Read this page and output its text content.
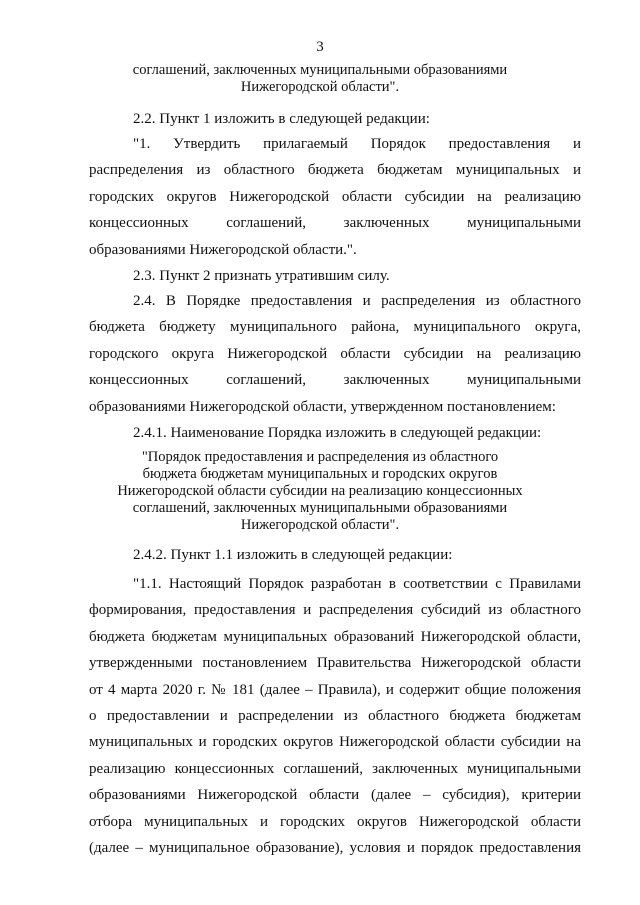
3
соглашений, заключенных муниципальными образованиями
Нижегородской области".
2.2. Пункт 1 изложить в следующей редакции:
"1. Утвердить прилагаемый Порядок предоставления и
распределения из областного бюджета бюджетам муниципальных и
городских округов Нижегородской области субсидии на реализацию
концессионных соглашений, заключенных муниципальными
образованиями Нижегородской области.".
2.3. Пункт 2 признать утратившим силу.
2.4. В Порядке предоставления и распределения из областного
бюджета бюджету муниципального района, муниципального округа,
городского округа Нижегородской области субсидии на реализацию
концессионных соглашений, заключенных муниципальными
образованиями Нижегородской области, утвержденном постановлением:
2.4.1. Наименование Порядка изложить в следующей редакции:
"Порядок предоставления и распределения из областного
бюджета бюджетам муниципальных и городских округов
Нижегородской области субсидии на реализацию концессионных
соглашений, заключенных муниципальными образованиями
Нижегородской области".
2.4.2. Пункт 1.1 изложить в следующей редакции:
"1.1. Настоящий Порядок разработан в соответствии с Правилами
формирования, предоставления и распределения субсидий из областного
бюджета бюджетам муниципальных образований Нижегородской области,
утвержденными постановлением Правительства Нижегородской области
от 4 марта 2020 г. № 181 (далее – Правила), и содержит общие положения
о предоставлении и распределении из областного бюджета бюджетам
муниципальных и городских округов Нижегородской области субсидии на
реализацию концессионных соглашений, заключенных муниципальными
образованиями Нижегородской области (далее – субсидия), критерии
отбора муниципальных и городских округов Нижегородской области
(далее – муниципальное образование), условия и порядок предоставления
